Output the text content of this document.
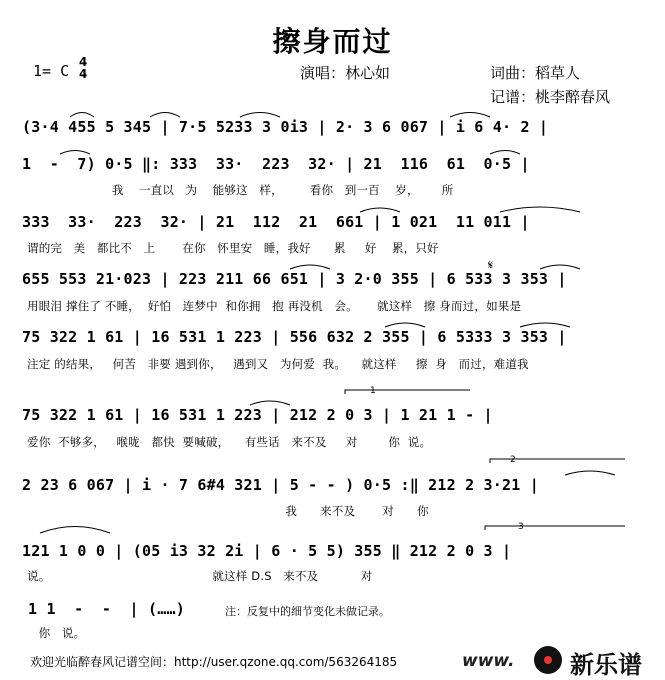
擦身而过
1= C 4
4	演唱：林心如	词曲：稻草人
记谱：桃李醉春风
(3·4 455 5 345 | 7·5 5233 3 0i3 | 2· 3 6 067 | i 6 4· 2 |
1  -  7) 0·5 ‖: 333  33·  223  32· | 21  116  61  0·5 |
我    一直以   为    能够这   样，       看你   到一百    岁，      所
333  33·  223  32· | 21  112  21  661 | 1 021  11 011 |
谓的完   美   都比不   上       在你   怀里安   睡，我好      累     好    累，只好
655 553 21·023 | 223 211 66 651 | 3 2·0 355 | 6 533 3 353 |
用眼泪 撑住了 不睡，  好怕   连梦中  和你拥   抱 再没机   会。     就这样   擦 身而过，如果是
𝄋
75 322 1 61 | 16 531 1 223 | 556 632 2 355 | 6 5333 3 353 |
注定 的结果，   何苦   非要 遇到你，   遇到又   为何爱  我。    就这样     擦  身   而过，难道我
75 322 1 61 | 16 531 1 223 | 212 2 0 3 | 1 21 1 - |
爱你  不够多，   喉咙   都快  要喊破，    有些话   来不及     对        你  说。
1
2 23 6 067 | i · 7 6#4 321 | 5 - - ) 0·5 :‖ 212 2 3·21 |
我      来不及       对      你
2
121 1 0 0 | (05 i3 32 2i | 6 · 5 5) 355 ‖ 212 2 0 3 |
说。                                          就这样 D.S   来不及           对
3
1 1  -  -  | (……)
你   说。
注：反复中的细节变化未做记录。
欢迎光临醉春风记谱空间：http://user.qzone.qq.com/563264185	www. 新乐谱
